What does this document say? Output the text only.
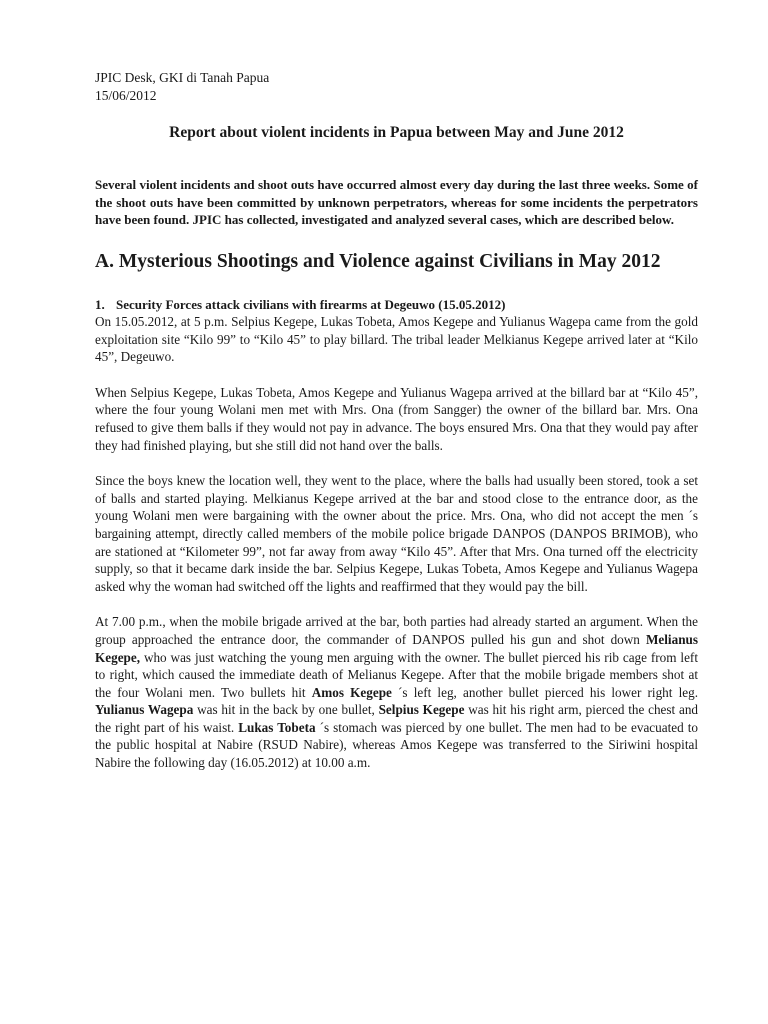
JPIC Desk, GKI di Tanah Papua
15/06/2012
Report about violent incidents in Papua between May and June 2012
Several violent incidents and shoot outs have occurred almost every day during the last three weeks. Some of the shoot outs have been committed by unknown perpetrators, whereas for some incidents the perpetrators have been found. JPIC has collected, investigated and analyzed several cases, which are described below.
A. Mysterious Shootings and Violence against Civilians in May 2012
1. Security Forces attack civilians with firearms at Degeuwo (15.05.2012)

On 15.05.2012, at 5 p.m. Selpius Kegepe, Lukas Tobeta, Amos Kegepe and Yulianus Wagepa came from the gold exploitation site “Kilo 99” to “Kilo 45” to play billard. The tribal leader Melkianus Kegepe arrived later at “Kilo 45”, Degeuwo.

When Selpius Kegepe, Lukas Tobeta, Amos Kegepe and Yulianus Wagepa arrived at the billard bar at “Kilo 45”, where the four young Wolani men met with Mrs. Ona (from Sangger) the owner of the billard bar. Mrs. Ona refused to give them balls if they would not pay in advance. The boys ensured Mrs. Ona that they would pay after they had finished playing, but she still did not hand over the balls.

Since the boys knew the location well, they went to the place, where the balls had usually been stored, took a set of balls and started playing. Melkianus Kegepe arrived at the bar and stood close to the entrance door, as the young Wolani men were bargaining with the owner about the price. Mrs. Ona, who did not accept the men ´s bargaining attempt, directly called members of the mobile police brigade DANPOS (DANPOS BRIMOB), who are stationed at “Kilometer 99”, not far away from away “Kilo 45”. After that Mrs. Ona turned off the electricity supply, so that it became dark inside the bar. Selpius Kegepe, Lukas Tobeta, Amos Kegepe and Yulianus Wagepa asked why the woman had switched off the lights and reaffirmed that they would pay the bill.

At 7.00 p.m., when the mobile brigade arrived at the bar, both parties had already started an argument. When the group approached the entrance door, the commander of DANPOS pulled his gun and shot down Melianus Kegepe, who was just watching the young men arguing with the owner. The bullet pierced his rib cage from left to right, which caused the immediate death of Melianus Kegepe. After that the mobile brigade members shot at the four Wolani men. Two bullets hit Amos Kegepe ´s left leg, another bullet pierced his lower right leg. Yulianus Wagepa was hit in the back by one bullet, Selpius Kegepe was hit his right arm, pierced the chest and the right part of his waist. Lukas Tobeta ´s stomach was pierced by one bullet. The men had to be evacuated to the public hospital at Nabire (RSUD Nabire), whereas Amos Kegepe was transferred to the Siriwini hospital Nabire the following day (16.05.2012) at 10.00 a.m.
